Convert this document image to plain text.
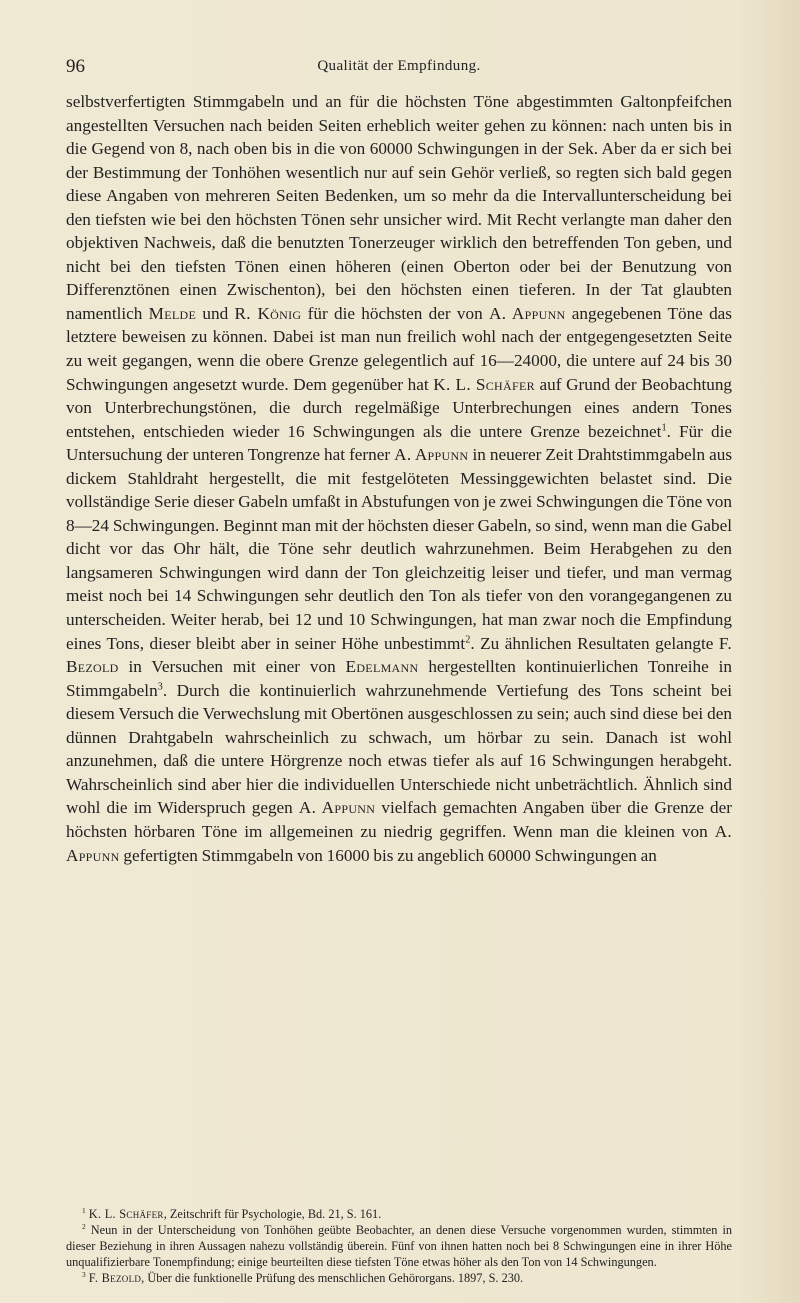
96	Qualität der Empfindung.

selbstverfertigten Stimmgabeln und an für die höchsten Töne abgestimmten Galtonpfeifchen angestellten Versuchen nach beiden Seiten erheblich weiter gehen zu können: nach unten bis in die Gegend von 8, nach oben bis in die von 60000 Schwingungen in der Sek. Aber da er sich bei der Bestimmung der Tonhöhen wesentlich nur auf sein Gehör verließ, so regten sich bald gegen diese Angaben von mehreren Seiten Bedenken, um so mehr da die Intervallunterscheidung bei den tiefsten wie bei den höchsten Tönen sehr unsicher wird. Mit Recht verlangte man daher den objektiven Nachweis, daß die benutzten Tonerzeuger wirklich den betreffenden Ton geben, und nicht bei den tiefsten Tönen einen höheren (einen Oberton oder bei der Benutzung von Differenztönen einen Zwischenton), bei den höchsten einen tieferen. In der Tat glaubten namentlich Melde und R. König für die höchsten der von A. Appunn angegebenen Töne das letztere beweisen zu können. Dabei ist man nun freilich wohl nach der entgegengesetzten Seite zu weit gegangen, wenn die obere Grenze gelegentlich auf 16—24000, die untere auf 24 bis 30 Schwingungen angesetzt wurde. Dem gegenüber hat K. L. Schäfer auf Grund der Beobachtung von Unterbrechungstönen, die durch regelmäßige Unterbrechungen eines andern Tones entstehen, entschieden wieder 16 Schwingungen als die untere Grenze bezeichnet$^1$. Für die Untersuchung der unteren Tongrenze hat ferner A. Appunn in neuerer Zeit Drahtstimmgabeln aus dickem Stahldraht hergestellt, die mit festgelöteten Messinggewichten belastet sind. Die vollständige Serie dieser Gabeln umfaßt in Abstufungen von je zwei Schwingungen die Töne von 8—24 Schwingungen. Beginnt man mit der höchsten dieser Gabeln, so sind, wenn man die Gabel dicht vor das Ohr hält, die Töne sehr deutlich wahrzunehmen. Beim Herabgehen zu den langsameren Schwingungen wird dann der Ton gleichzeitig leiser und tiefer, und man vermag meist noch bei 14 Schwingungen sehr deutlich den Ton als tiefer von den vorangegangenen zu unterscheiden. Weiter herab, bei 12 und 10 Schwingungen, hat man zwar noch die Empfindung eines Tons, dieser bleibt aber in seiner Höhe unbestimmt$^2$. Zu ähnlichen Resultaten gelangte F. Bezold in Versuchen mit einer von Edelmann hergestellten kontinuierlichen Tonreihe in Stimmgabeln$^3$. Durch die kontinuierlich wahrzunehmende Vertiefung des Tons scheint bei diesem Versuch die Verwechslung mit Obertönen ausgeschlossen zu sein; auch sind diese bei den dünnen Drahtgabeln wahrscheinlich zu schwach, um hörbar zu sein. Danach ist wohl anzunehmen, daß die untere Hörgrenze noch etwas tiefer als auf 16 Schwingungen herabgeht. Wahrscheinlich sind aber hier die individuellen Unterschiede nicht unbeträchtlich. Ähnlich sind wohl die im Widerspruch gegen A. Appunn vielfach gemachten Angaben über die Grenze der höchsten hörbaren Töne im allgemeinen zu niedrig gegriffen. Wenn man die kleinen von A. Appunn gefertigten Stimmgabeln von 16000 bis zu angeblich 60000 Schwingungen an

$^1$ K. L. Schäfer, Zeitschrift für Psychologie, Bd. 21, S. 161.

$^2$ Neun in der Unterscheidung von Tonhöhen geübte Beobachter, an denen diese Versuche vorgenommen wurden, stimmten in dieser Beziehung in ihren Aussagen nahezu vollständig überein. Fünf von ihnen hatten noch bei 8 Schwingungen eine in ihrer Höhe unqualifizierbare Tonempfindung; einige beurteilten diese tiefsten Töne etwas höher als den Ton von 14 Schwingungen.

$^3$ F. Bezold, Über die funktionelle Prüfung des menschlichen Gehörorgans. 1897, S. 230.
